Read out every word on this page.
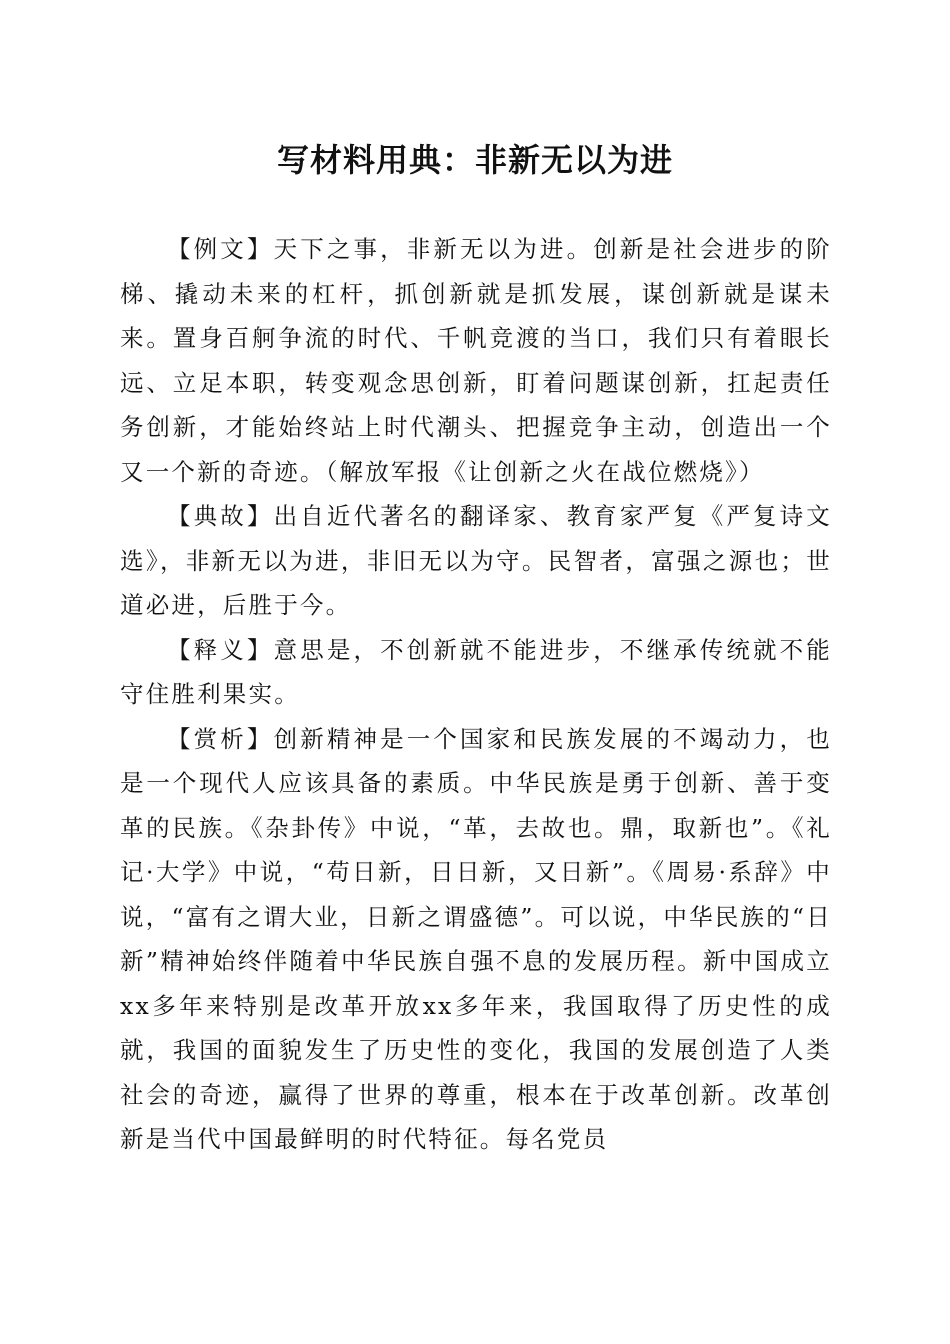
写材料用典：非新无以为进

【例文】天下之事，非新无以为进。创新是社会进步的阶梯、撬动未来的杠杆，抓创新就是抓发展，谋创新就是谋未来。置身百舸争流的时代、千帆竞渡的当口，我们只有着眼长远、立足本职，转变观念思创新，盯着问题谋创新，扛起责任务创新，才能始终站上时代潮头、把握竞争主动，创造出一个又一个新的奇迹。（解放军报《让创新之火在战位燃烧》）

【典故】出自近代著名的翻译家、教育家严复《严复诗文选》，非新无以为进，非旧无以为守。民智者，富强之源也；世道必进，后胜于今。

【释义】意思是，不创新就不能进步，不继承传统就不能守住胜利果实。

【赏析】创新精神是一个国家和民族发展的不竭动力，也是一个现代人应该具备的素质。中华民族是勇于创新、善于变革的民族。《杂卦传》中说，“革，去故也。鼎，取新也”。《礼记·大学》中说，“苟日新，日日新，又日新”。《周易·系辞》中说，“富有之谓大业，日新之谓盛德”。可以说，中华民族的“日新”精神始终伴随着中华民族自强不息的发展历程。新中国成立xx多年来特别是改革开放xx多年来，我国取得了历史性的成就，我国的面貌发生了历史性的变化，我国的发展创造了人类社会的奇迹，赢得了世界的尊重，根本在于改革创新。改革创新是当代中国最鲜明的时代特征。每名党员
